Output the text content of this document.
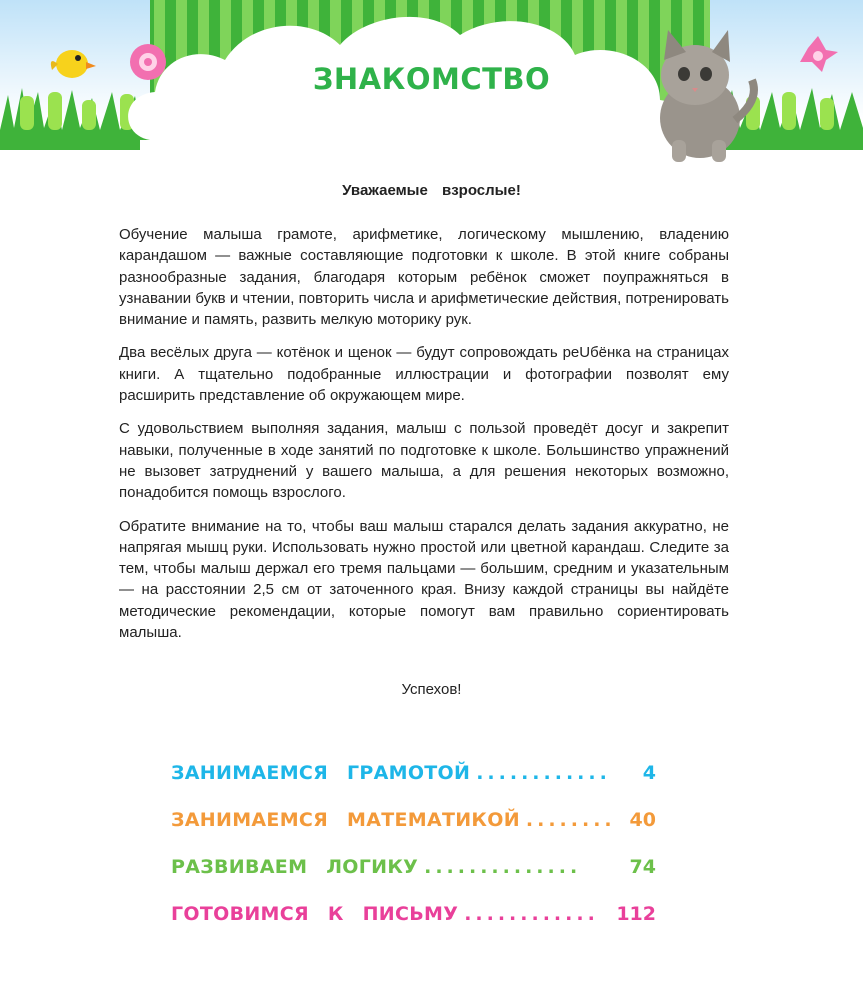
ЗНАКОМСТВО
Уважаемые взрослые!

Обучение малыша грамоте, арифметике, логическому мышлению, владению карандашом — важные составляющие подготовки к школе. В этой книге собраны разнообразные задания, благодаря которым ребёнок сможет поупражняться в узнавании букв и чтении, повторить числа и арифметические действия, потренировать внимание и память, развить мелкую моторику рук.

Два весёлых друга — котёнок и щенок — будут сопровождать peUбёнка на страницах книги. А тщательно подобранные иллюстрации и фотографии позволят ему расширить представление об окружающем мире.

С удовольствием выполняя задания, малыш с пользой проведёт досуг и закрепит навыки, полученные в ходе занятий по подготовке к школе. Большинство упражнений не вызовет затруднений у вашего малыша, а для решения некоторых возможно, понадобится помощь взрослого.

Обратите внимание на то, чтобы ваш малыш старался делать задания аккуратно, не напрягая мышц руки. Использовать нужно простой или цветной карандаш. Следите за тем, чтобы малыш держал его тремя пальцами — большим, средним и указательным — на расстоянии 2,5 см от заточенного края. Внизу каждой страницы вы найдёте методические рекомендации, которые помогут вам правильно сориентировать малыша.

Успехов!
ЗАНИМАЕМСЯ ГРАМОТОЙ ............	4
ЗАНИМАЕМСЯ МАТЕМАТИКОЙ ........ 40
РАЗВИВАЕМ ЛОГИКУ ..............	74
ГОТОВИМСЯ К ПИСЬМУ ............ 112
